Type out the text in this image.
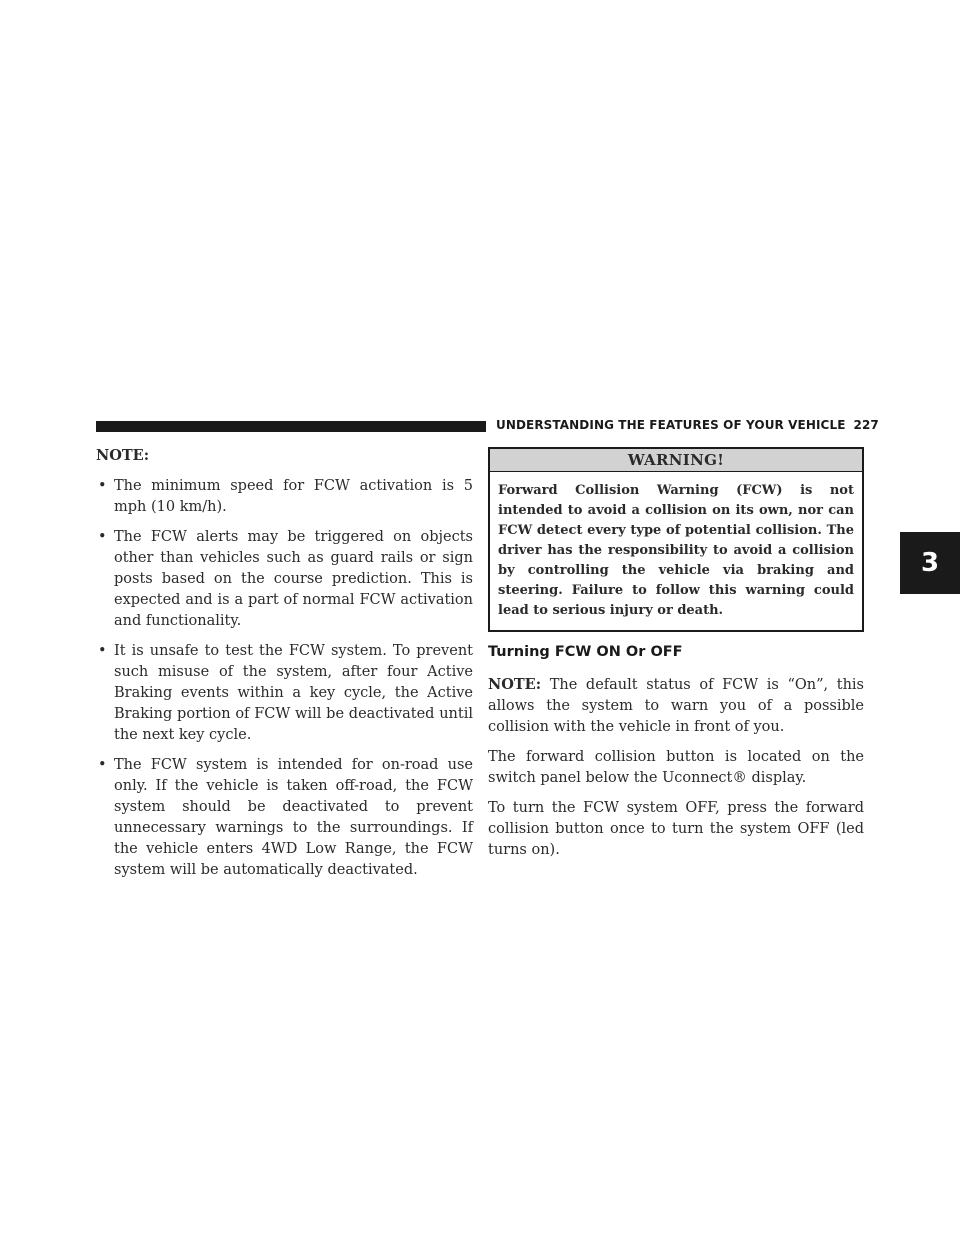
UNDERSTANDING THE FEATURES OF YOUR VEHICLE 227
3
NOTE:
• The minimum speed for FCW activation is 5 mph (10 km/h).
• The FCW alerts may be triggered on objects other than vehicles such as guard rails or sign posts based on the course prediction. This is expected and is a part of normal FCW activation and functionality.
• It is unsafe to test the FCW system. To prevent such misuse of the system, after four Active Braking events within a key cycle, the Active Braking portion of FCW will be deactivated until the next key cycle.
• The FCW system is intended for on-road use only. If the vehicle is taken off-road, the FCW system should be deactivated to prevent unnecessary warnings to the surroundings. If the vehicle enters 4WD Low Range, the FCW system will be automatically deactivated.
WARNING!
Forward Collision Warning (FCW) is not intended to avoid a collision on its own, nor can FCW detect every type of potential collision. The driver has the responsibility to avoid a collision by controlling the vehicle via braking and steering. Failure to follow this warning could lead to serious injury or death.
Turning FCW ON Or OFF

NOTE: The default status of FCW is “On”, this allows the system to warn you of a possible collision with the vehicle in front of you.

The forward collision button is located on the switch panel below the Uconnect® display.

To turn the FCW system OFF, press the forward collision button once to turn the system OFF (led turns on).
